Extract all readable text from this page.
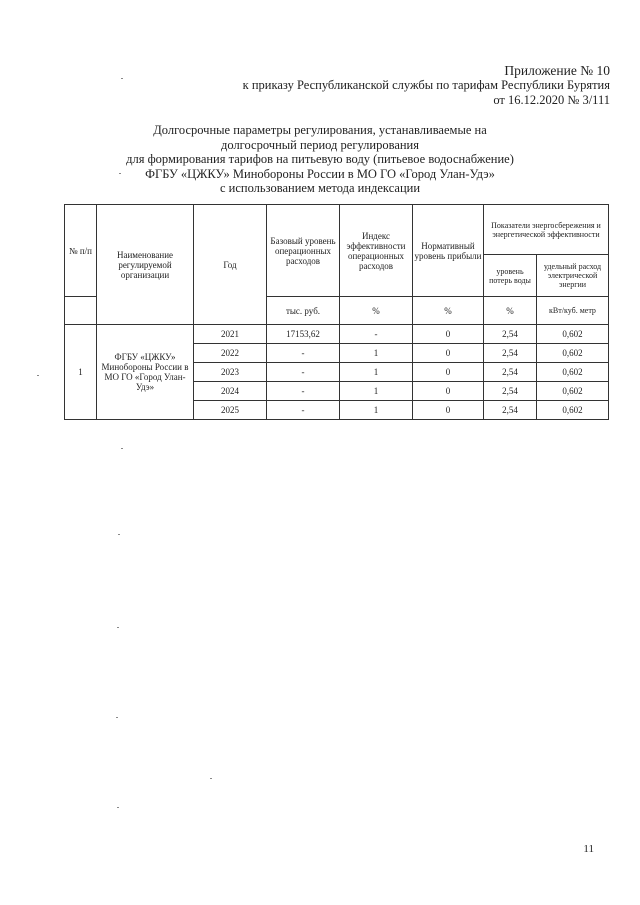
Приложение № 10
к приказу Республиканской службы по тарифам Республики Бурятия
от 16.12.2020 № 3/111
Долгосрочные параметры регулирования, устанавливаемые на
долгосрочный период регулирования
для формирования тарифов на питьевую воду (питьевое водоснабжение)
ФГБУ «ЦЖКУ» Минобороны России в МО ГО «Город Улан-Удэ»
с использованием метода индексации
№ п/п	Наименование регулируемой организации	Год	Базовый уровень операционных расходов	Индекс эффективности операционных расходов	Нормативный уровень прибыли	Показатели энергосбережения и энергетической эффективности	
						уровень потерь воды	удельный расход электрической энергии
			тыс. руб.	%	%	%	кВт/куб. метр
1	ФГБУ «ЦЖКУ» Минобороны России в МО ГО «Город Улан-Удэ»	2021	17153,62	-	0	2,54	0,602
		2022	-	1	0	2,54	0,602
		2023	-	1	0	2,54	0,602
		2024	-	1	0	2,54	0,602
		2025	-	1	0	2,54	0,602
11
